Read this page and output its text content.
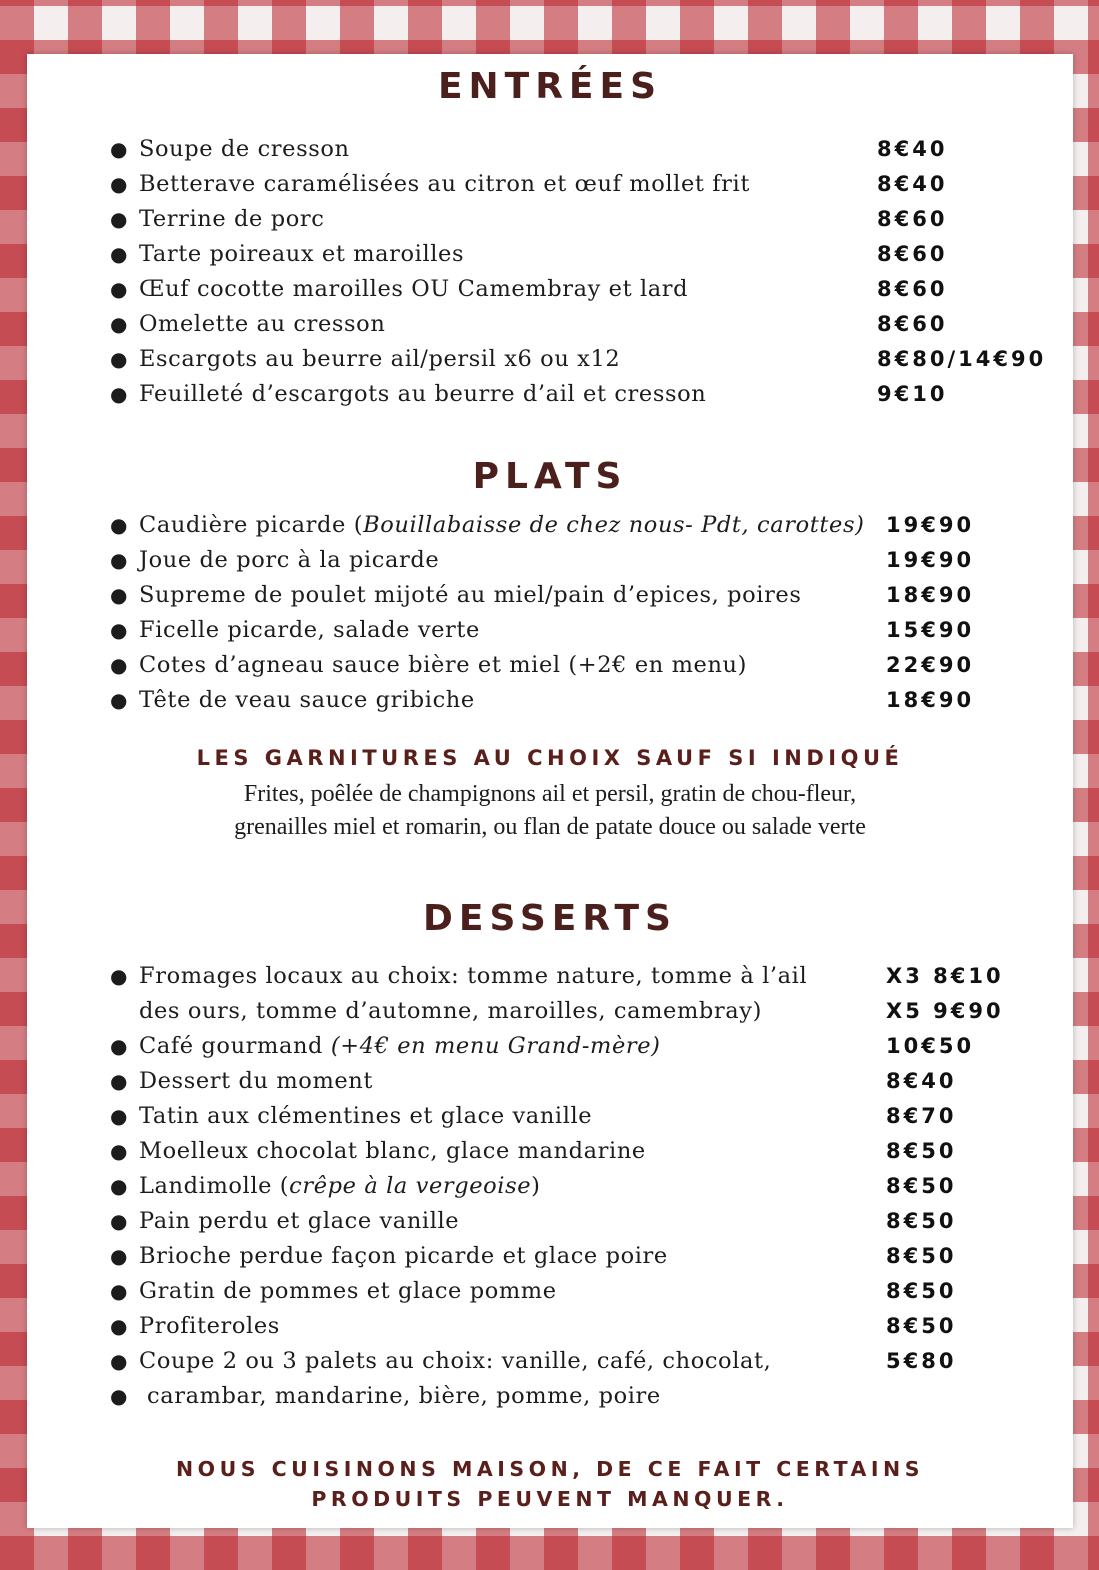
ENTRÉES
● Soupe de cresson	8€40
● Betterave caramélisées au citron et œuf mollet frit	8€40
● Terrine de porc	8€60
● Tarte poireaux et maroilles	8€60
● Œuf cocotte maroilles OU Camembray et lard	8€60
● Omelette au cresson	8€60
● Escargots au beurre ail/persil x6 ou x12	8€80/14€90
● Feuilleté d’escargots au beurre d’ail et cresson	9€10
PLATS
● Caudière picarde (Bouillabaisse de chez nous- Pdt, carottes) 19€90
● Joue de porc à la picarde	19€90
● Supreme de poulet mijoté au miel/pain d’epices, poires	18€90
● Ficelle picarde, salade verte	15€90
● Cotes d’agneau sauce bière et miel (+2€ en menu)	22€90
● Tête de veau sauce gribiche	18€90
LES GARNITURES AU CHOIX SAUF SI INDIQUÉ
Frites, poêlée de champignons ail et persil, gratin de chou-fleur,
grenailles miel et romarin, ou flan de patate douce ou salade verte
DESSERTS
● Fromages locaux au choix: tomme nature, tomme à l’ail	X3 8€10
des ours, tomme d’automne, maroilles, camembray)	X5 9€90
● Café gourmand (+4€ en menu Grand-mère)	10€50
● Dessert du moment	8€40
● Tatin aux clémentines et glace vanille	8€70
● Moelleux chocolat blanc, glace mandarine	8€50
● Landimolle (crêpe à la vergeoise)	8€50
● Pain perdu et glace vanille	8€50
● Brioche perdue façon picarde et glace poire	8€50
● Gratin de pommes et glace pomme	8€50
● Profiteroles	8€50
● Coupe 2 ou 3 palets au choix: vanille, café, chocolat,	5€80
● carambar, mandarine, bière, pomme, poire
NOUS CUISINONS MAISON, DE CE FAIT CERTAINS
PRODUITS PEUVENT MANQUER.
